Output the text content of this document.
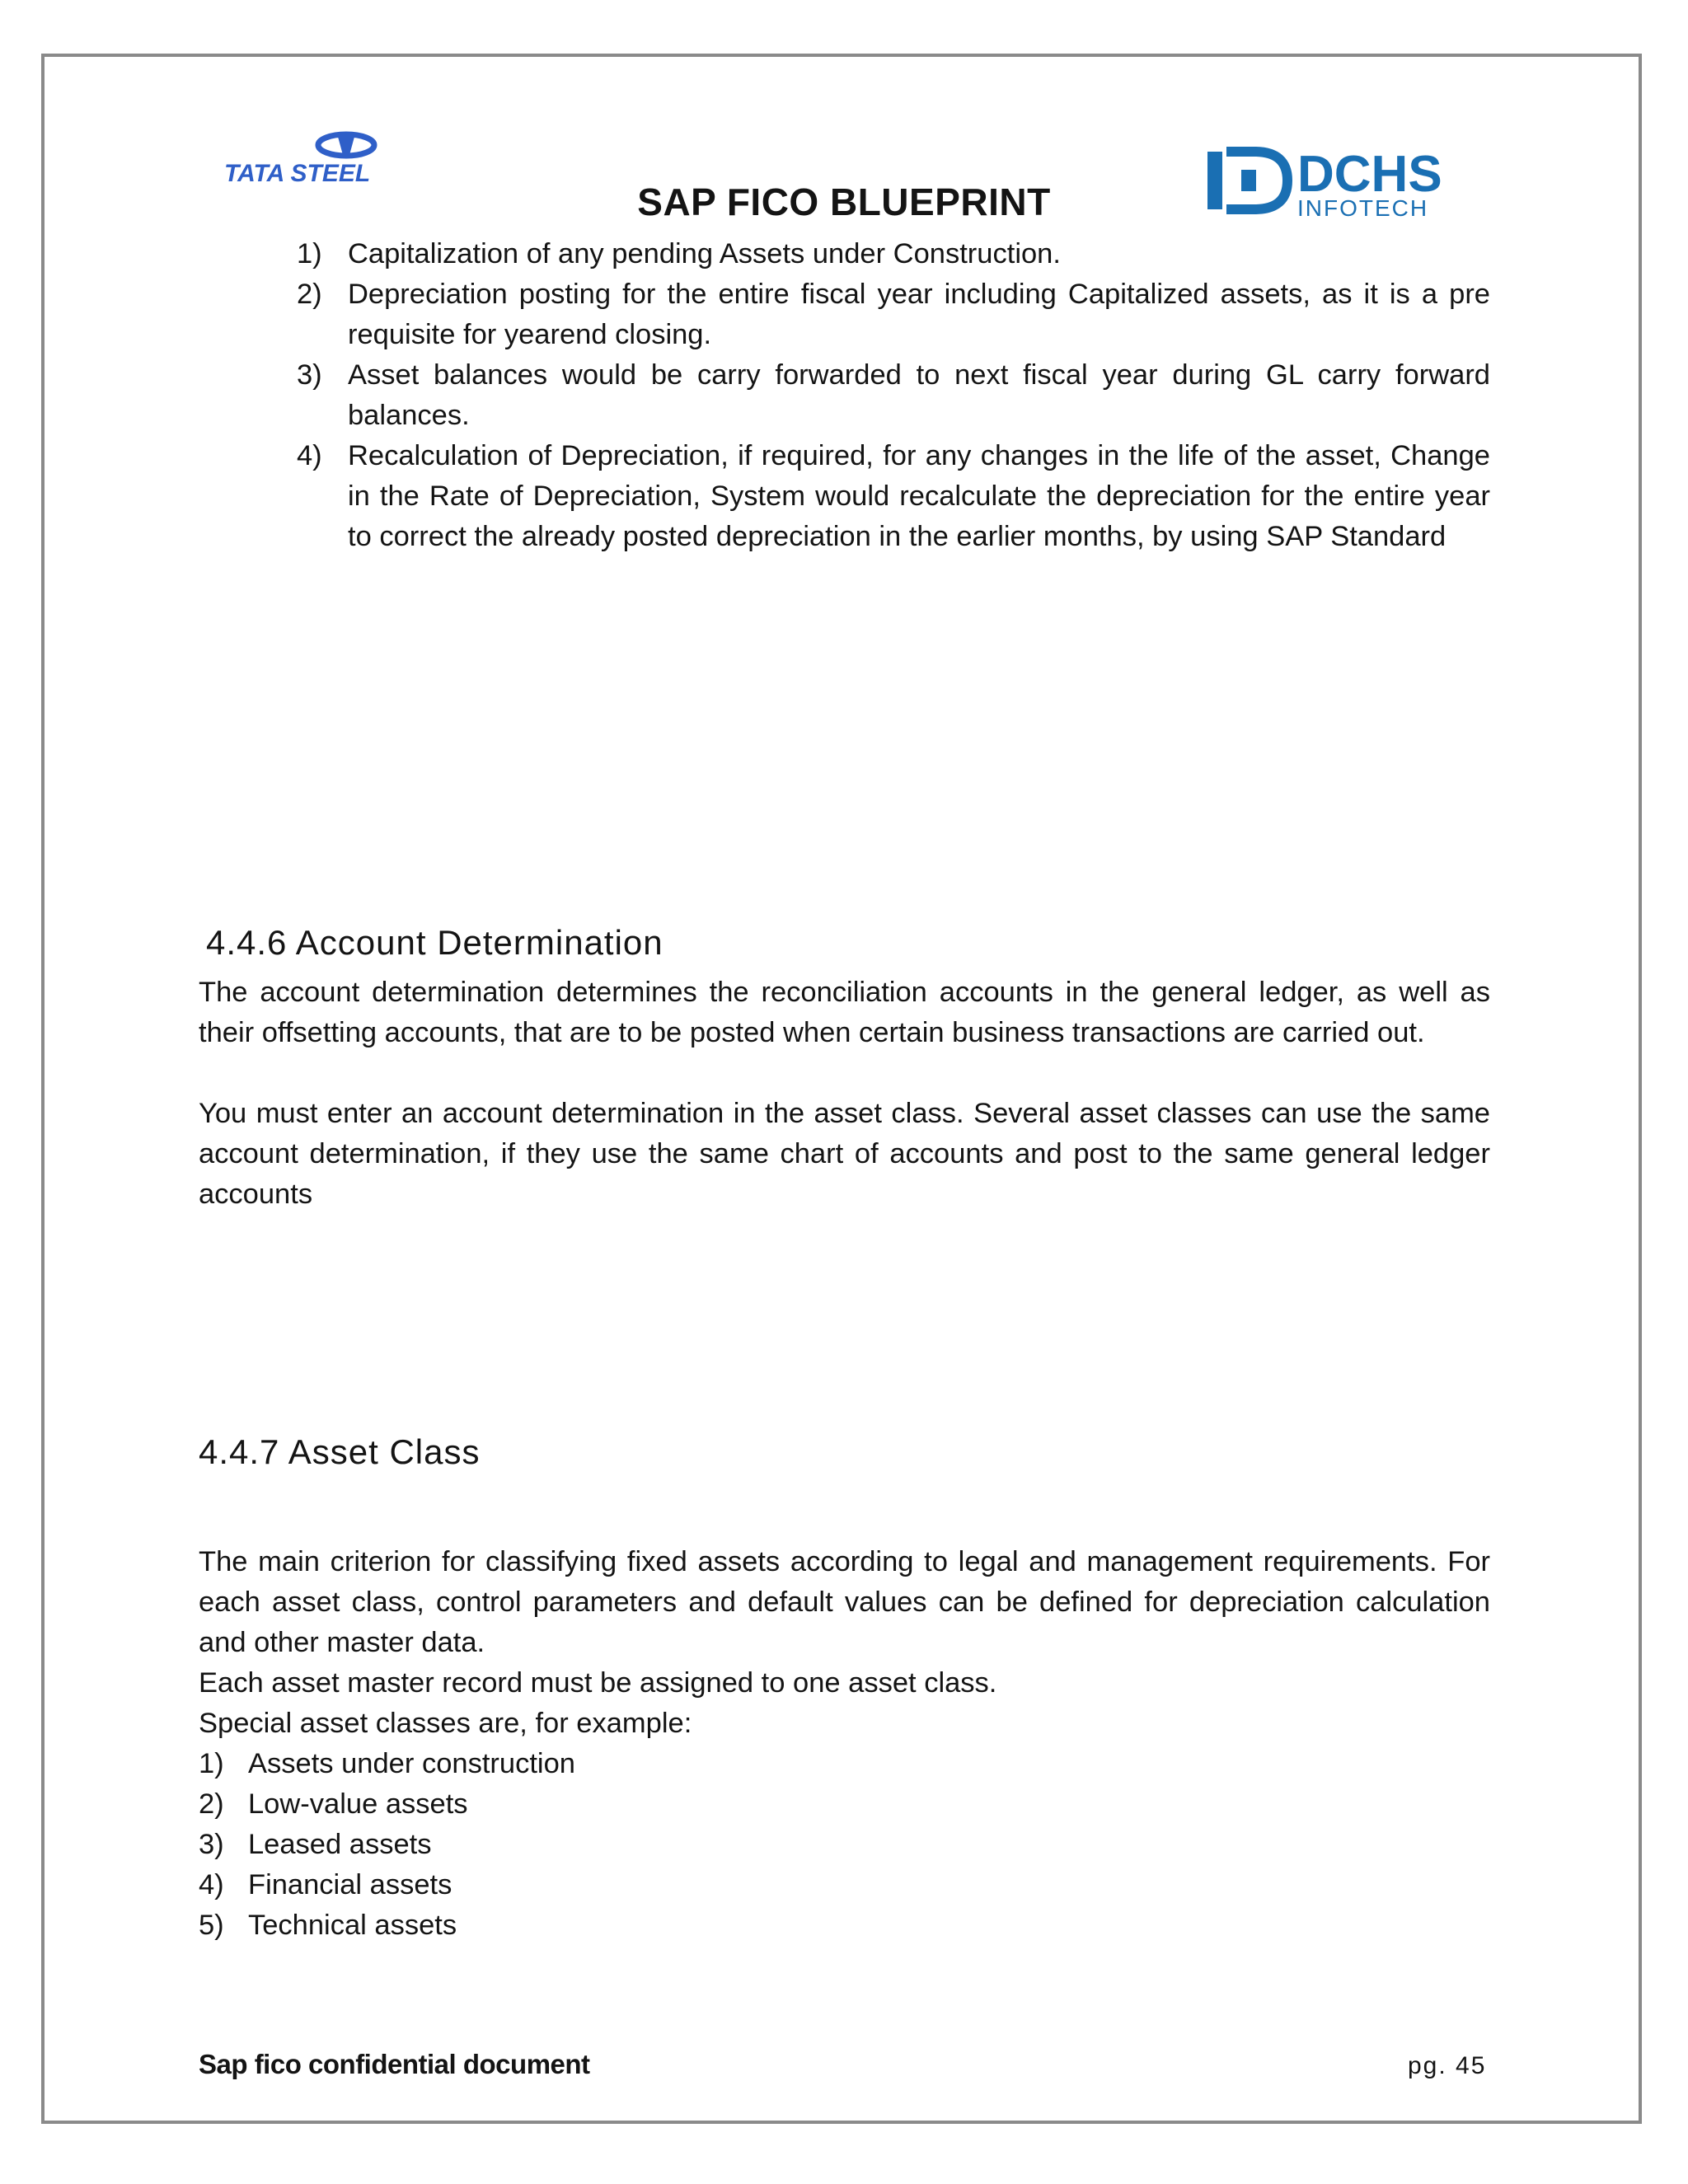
TATA STEEL	DCHS
INFOTECH
SAP FICO BLUEPRINT
1) Capitalization of any pending Assets under Construction.
2) Depreciation posting for the entire fiscal year including Capitalized assets, as it is a pre requisite for yearend closing.
3) Asset balances would be carry forwarded to next fiscal year during GL carry forward balances.
4) Recalculation of Depreciation, if required, for any changes in the life of the asset, Change in the Rate of Depreciation, System would recalculate the depreciation for the entire year to correct the already posted depreciation in the earlier months, by using SAP Standard
4.4.6 Account Determination

The account determination determines the reconciliation accounts in the general ledger, as well as their offsetting accounts, that are to be posted when certain business transactions are carried out.

You must enter an account determination in the asset class. Several asset classes can use the same account determination, if they use the same chart of accounts and post to the same general ledger accounts

4.4.7 Asset Class

The main criterion for classifying fixed assets according to legal and management requirements. For each asset class, control parameters and default values can be defined for depreciation calculation and other master data.

Each asset master record must be assigned to one asset class.

Special asset classes are, for example:

1) Assets under construction
2) Low-value assets
3) Leased assets
4) Financial assets
5) Technical assets
Sap fico confidential document	pg. 45
